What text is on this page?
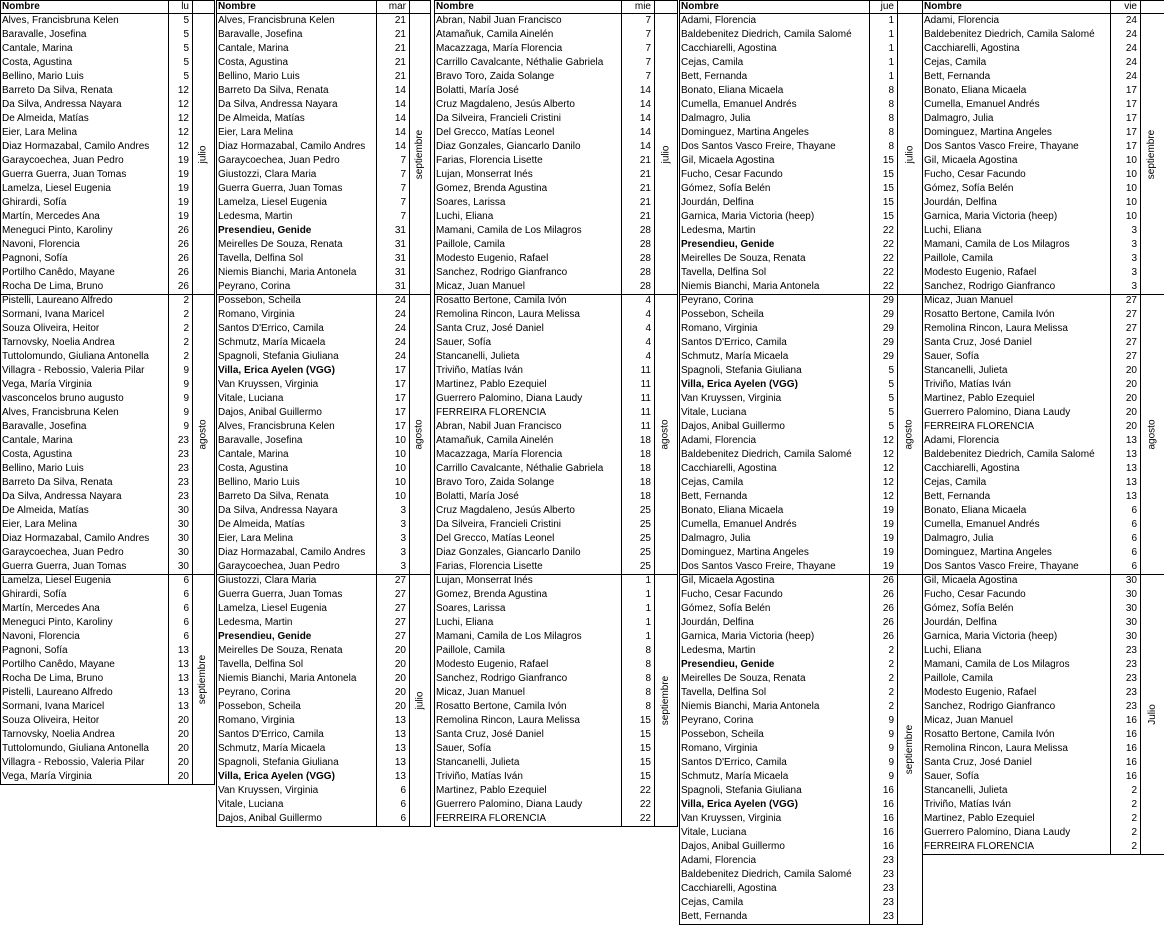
Nombre	lu
Alves, Francisbruna Kelen	5
Baravalle, Josefina	5
Cantale, Marina	5
Costa, Agustina	5
Bellino, Mario Luis	5
Barreto Da Silva, Renata	12
Da Silva, Andressa Nayara	12
De Almeida, Matías	12
Eier, Lara Melina	12
Diaz Hormazabal, Camilo Andres	12
Garaycoechea, Juan Pedro	19
Guerra Guerra, Juan Tomas	19
Lamelza, Liesel Eugenia	19
Ghirardi, Sofía	19
Martín, Mercedes Ana	19
Meneguci Pinto, Karoliny	26
Navoni, Florencia	26
Pagnoni, Sofía	26
Portilho Canêdo, Mayane	26
Rocha De Lima, Bruno	26
julio
Pistelli, Laureano Alfredo	2
Sormani, Ivana Maricel	2
Souza Oliveira, Heitor	2
Tarnovsky, Noelia Andrea	2
Tuttolomundo, Giuliana Antonella	2
Villagra - Rebossio, Valeria Pilar	9
Vega, María Virginia	9
vasconcelos bruno augusto	9
Alves, Francisbruna Kelen	9
Baravalle, Josefina	9
Cantale, Marina	23
Costa, Agustina	23
Bellino, Mario Luis	23
Barreto Da Silva, Renata	23
Da Silva, Andressa Nayara	23
De Almeida, Matías	30
Eier, Lara Melina	30
Diaz Hormazabal, Camilo Andres	30
Garaycoechea, Juan Pedro	30
Guerra Guerra, Juan Tomas	30
agosto
Lamelza, Liesel Eugenia	6
Ghirardi, Sofía	6
Martín, Mercedes Ana	6
Meneguci Pinto, Karoliny	6
Navoni, Florencia	6
Pagnoni, Sofía	13
Portilho Canêdo, Mayane	13
Rocha De Lima, Bruno	13
Pistelli, Laureano Alfredo	13
Sormani, Ivana Maricel	13
Souza Oliveira, Heitor	20
Tarnovsky, Noelia Andrea	20
Tuttolomundo, Giuliana Antonella	20
Villagra - Rebossio, Valeria Pilar	20
Vega, María Virginia	20
septiembre
Nombre	mar
Alves, Francisbruna Kelen	21
Baravalle, Josefina	21
Cantale, Marina	21
Costa, Agustina	21
Bellino, Mario Luis	21
Barreto Da Silva, Renata	14
Da Silva, Andressa Nayara	14
De Almeida, Matías	14
Eier, Lara Melina	14
Diaz Hormazabal, Camilo Andres	14
Garaycoechea, Juan Pedro	7
Giustozzi, Clara Maria	7
Guerra Guerra, Juan Tomas	7
Lamelza, Liesel Eugenia	7
Ledesma, Martin	7
Presendieu, Genide	31
Meirelles De Souza, Renata	31
Tavella, Delfina Sol	31
Niemis Bianchi, Maria Antonela	31
Peyrano, Corina	31
septiembre
Possebon, Scheila	24
Romano, Virginia	24
Santos D'Errico, Camila	24
Schmutz, María Micaela	24
Spagnoli, Stefania Giuliana	24
Villa, Erica Ayelen (VGG)	17
Van Kruyssen, Virginia	17
Vitale, Luciana	17
Dajos, Anibal Guillermo	17
Alves, Francisbruna Kelen	17
Baravalle, Josefina	10
Cantale, Marina	10
Costa, Agustina	10
Bellino, Mario Luis	10
Barreto Da Silva, Renata	10
Da Silva, Andressa Nayara	3
De Almeida, Matías	3
Eier, Lara Melina	3
Diaz Hormazabal, Camilo Andres	3
Garaycoechea, Juan Pedro	3
agosto
Giustozzi, Clara Maria	27
Guerra Guerra, Juan Tomas	27
Lamelza, Liesel Eugenia	27
Ledesma, Martin	27
Presendieu, Genide	27
Meirelles De Souza, Renata	20
Tavella, Delfina Sol	20
Niemis Bianchi, Maria Antonela	20
Peyrano, Corina	20
Possebon, Scheila	20
Romano, Virginia	13
Santos D'Errico, Camila	13
Schmutz, María Micaela	13
Spagnoli, Stefania Giuliana	13
Villa, Erica Ayelen (VGG)	13
Van Kruyssen, Virginia	6
Vitale, Luciana	6
Dajos, Anibal Guillermo	6
julio
Nombre	mie
Abran, Nabil Juan Francisco	7
Atamañuk, Camila Ainelén	7
Macazzaga, María Florencia	7
Carrillo Cavalcante, Néthalie Gabriela	7
Bravo Toro, Zaida Solange	7
Bolatti, María José	14
Cruz Magdaleno, Jesús Alberto	14
Da Silveira, Francieli Cristini	14
Del Grecco, Matías Leonel	14
Diaz Gonzales, Giancarlo Danilo	14
Farias, Florencia Lisette	21
Lujan, Monserrat Inés	21
Gomez, Brenda Agustina	21
Soares, Larissa	21
Luchi, Eliana	21
Mamani, Camila de Los Milagros	28
Paillole, Camila	28
Modesto Eugenio, Rafael	28
Sanchez, Rodrigo Gianfranco	28
Micaz, Juan Manuel	28
julio
Rosatto Bertone, Camila Ivón	4
Remolina Rincon, Laura Melissa	4
Santa Cruz, José Daniel	4
Sauer, Sofía	4
Stancanelli, Julieta	4
Triviño, Matías Iván	11
Martinez, Pablo Ezequiel	11
Guerrero Palomino, Diana Laudy	11
FERREIRA FLORENCIA	11
Abran, Nabil Juan Francisco	11
Atamañuk, Camila Ainelén	18
Macazzaga, María Florencia	18
Carrillo Cavalcante, Néthalie Gabriela	18
Bravo Toro, Zaida Solange	18
Bolatti, María José	18
Cruz Magdaleno, Jesús Alberto	25
Da Silveira, Francieli Cristini	25
Del Grecco, Matías Leonel	25
Diaz Gonzales, Giancarlo Danilo	25
Farias, Florencia Lisette	25
agosto
Lujan, Monserrat Inés	1
Gomez, Brenda Agustina	1
Soares, Larissa	1
Luchi, Eliana	1
Mamani, Camila de Los Milagros	1
Paillole, Camila	8
Modesto Eugenio, Rafael	8
Sanchez, Rodrigo Gianfranco	8
Micaz, Juan Manuel	8
Rosatto Bertone, Camila Ivón	8
Remolina Rincon, Laura Melissa	15
Santa Cruz, José Daniel	15
Sauer, Sofía	15
Stancanelli, Julieta	15
Triviño, Matías Iván	15
Martinez, Pablo Ezequiel	22
Guerrero Palomino, Diana Laudy	22
FERREIRA FLORENCIA	22
septiembre
Nombre	jue
Adami, Florencia	1
Baldebenitez Diedrich, Camila Salomé	1
Cacchiarelli, Agostina	1
Cejas, Camila	1
Bett, Fernanda	1
Bonato, Eliana Micaela	8
Cumella, Emanuel Andrés	8
Dalmagro, Julia	8
Dominguez, Martina Angeles	8
Dos Santos Vasco Freire, Thayane	8
Gil, Micaela Agostina	15
Fucho, Cesar Facundo	15
Gómez, Sofía Belén	15
Jourdán, Delfina	15
Garnica, Maria Victoria (heep)	15
Ledesma, Martin	22
Presendieu, Genide	22
Meirelles De Souza, Renata	22
Tavella, Delfina Sol	22
Niemis Bianchi, Maria Antonela	22
julio
Peyrano, Corina	29
Possebon, Scheila	29
Romano, Virginia	29
Santos D'Errico, Camila	29
Schmutz, María Micaela	29
Spagnoli, Stefania Giuliana	5
Villa, Erica Ayelen (VGG)	5
Van Kruyssen, Virginia	5
Vitale, Luciana	5
Dajos, Anibal Guillermo	5
Adami, Florencia	12
Baldebenitez Diedrich, Camila Salomé	12
Cacchiarelli, Agostina	12
Cejas, Camila	12
Bett, Fernanda	12
Bonato, Eliana Micaela	19
Cumella, Emanuel Andrés	19
Dalmagro, Julia	19
Dominguez, Martina Angeles	19
Dos Santos Vasco Freire, Thayane	19
agosto
Gil, Micaela Agostina	26
Fucho, Cesar Facundo	26
Gómez, Sofía Belén	26
Jourdán, Delfina	26
Garnica, Maria Victoria (heep)	26
Ledesma, Martin	2
Presendieu, Genide	2
Meirelles De Souza, Renata	2
Tavella, Delfina Sol	2
Niemis Bianchi, Maria Antonela	2
Peyrano, Corina	9
Possebon, Scheila	9
Romano, Virginia	9
Santos D'Errico, Camila	9
Schmutz, María Micaela	9
Spagnoli, Stefania Giuliana	16
Villa, Erica Ayelen (VGG)	16
Van Kruyssen, Virginia	16
Vitale, Luciana	16
Dajos, Anibal Guillermo	16
Adami, Florencia	23
Baldebenitez Diedrich, Camila Salomé	23
Cacchiarelli, Agostina	23
Cejas, Camila	23
Bett, Fernanda	23
septiembre
Nombre	vie
Adami, Florencia	24
Baldebenitez Diedrich, Camila Salomé	24
Cacchiarelli, Agostina	24
Cejas, Camila	24
Bett, Fernanda	24
Bonato, Eliana Micaela	17
Cumella, Emanuel Andrés	17
Dalmagro, Julia	17
Dominguez, Martina Angeles	17
Dos Santos Vasco Freire, Thayane	17
Gil, Micaela Agostina	10
Fucho, Cesar Facundo	10
Gómez, Sofía Belén	10
Jourdán, Delfina	10
Garnica, Maria Victoria (heep)	10
Luchi, Eliana	3
Mamani, Camila de Los Milagros	3
Paillole, Camila	3
Modesto Eugenio, Rafael	3
Sanchez, Rodrigo Gianfranco	3
septiembre
Micaz, Juan Manuel	27
Rosatto Bertone, Camila Ivón	27
Remolina Rincon, Laura Melissa	27
Santa Cruz, José Daniel	27
Sauer, Sofía	27
Stancanelli, Julieta	20
Triviño, Matías Iván	20
Martinez, Pablo Ezequiel	20
Guerrero Palomino, Diana Laudy	20
FERREIRA FLORENCIA	20
Adami, Florencia	13
Baldebenitez Diedrich, Camila Salomé	13
Cacchiarelli, Agostina	13
Cejas, Camila	13
Bett, Fernanda	13
Bonato, Eliana Micaela	6
Cumella, Emanuel Andrés	6
Dalmagro, Julia	6
Dominguez, Martina Angeles	6
Dos Santos Vasco Freire, Thayane	6
agosto
Gil, Micaela Agostina	30
Fucho, Cesar Facundo	30
Gómez, Sofía Belén	30
Jourdán, Delfina	30
Garnica, Maria Victoria (heep)	30
Luchi, Eliana	23
Mamani, Camila de Los Milagros	23
Paillole, Camila	23
Modesto Eugenio, Rafael	23
Sanchez, Rodrigo Gianfranco	23
Micaz, Juan Manuel	16
Rosatto Bertone, Camila Ivón	16
Remolina Rincon, Laura Melissa	16
Santa Cruz, José Daniel	16
Sauer, Sofía	16
Stancanelli, Julieta	2
Triviño, Matías Iván	2
Martinez, Pablo Ezequiel	2
Guerrero Palomino, Diana Laudy	2
FERREIRA FLORENCIA	2
Julio
